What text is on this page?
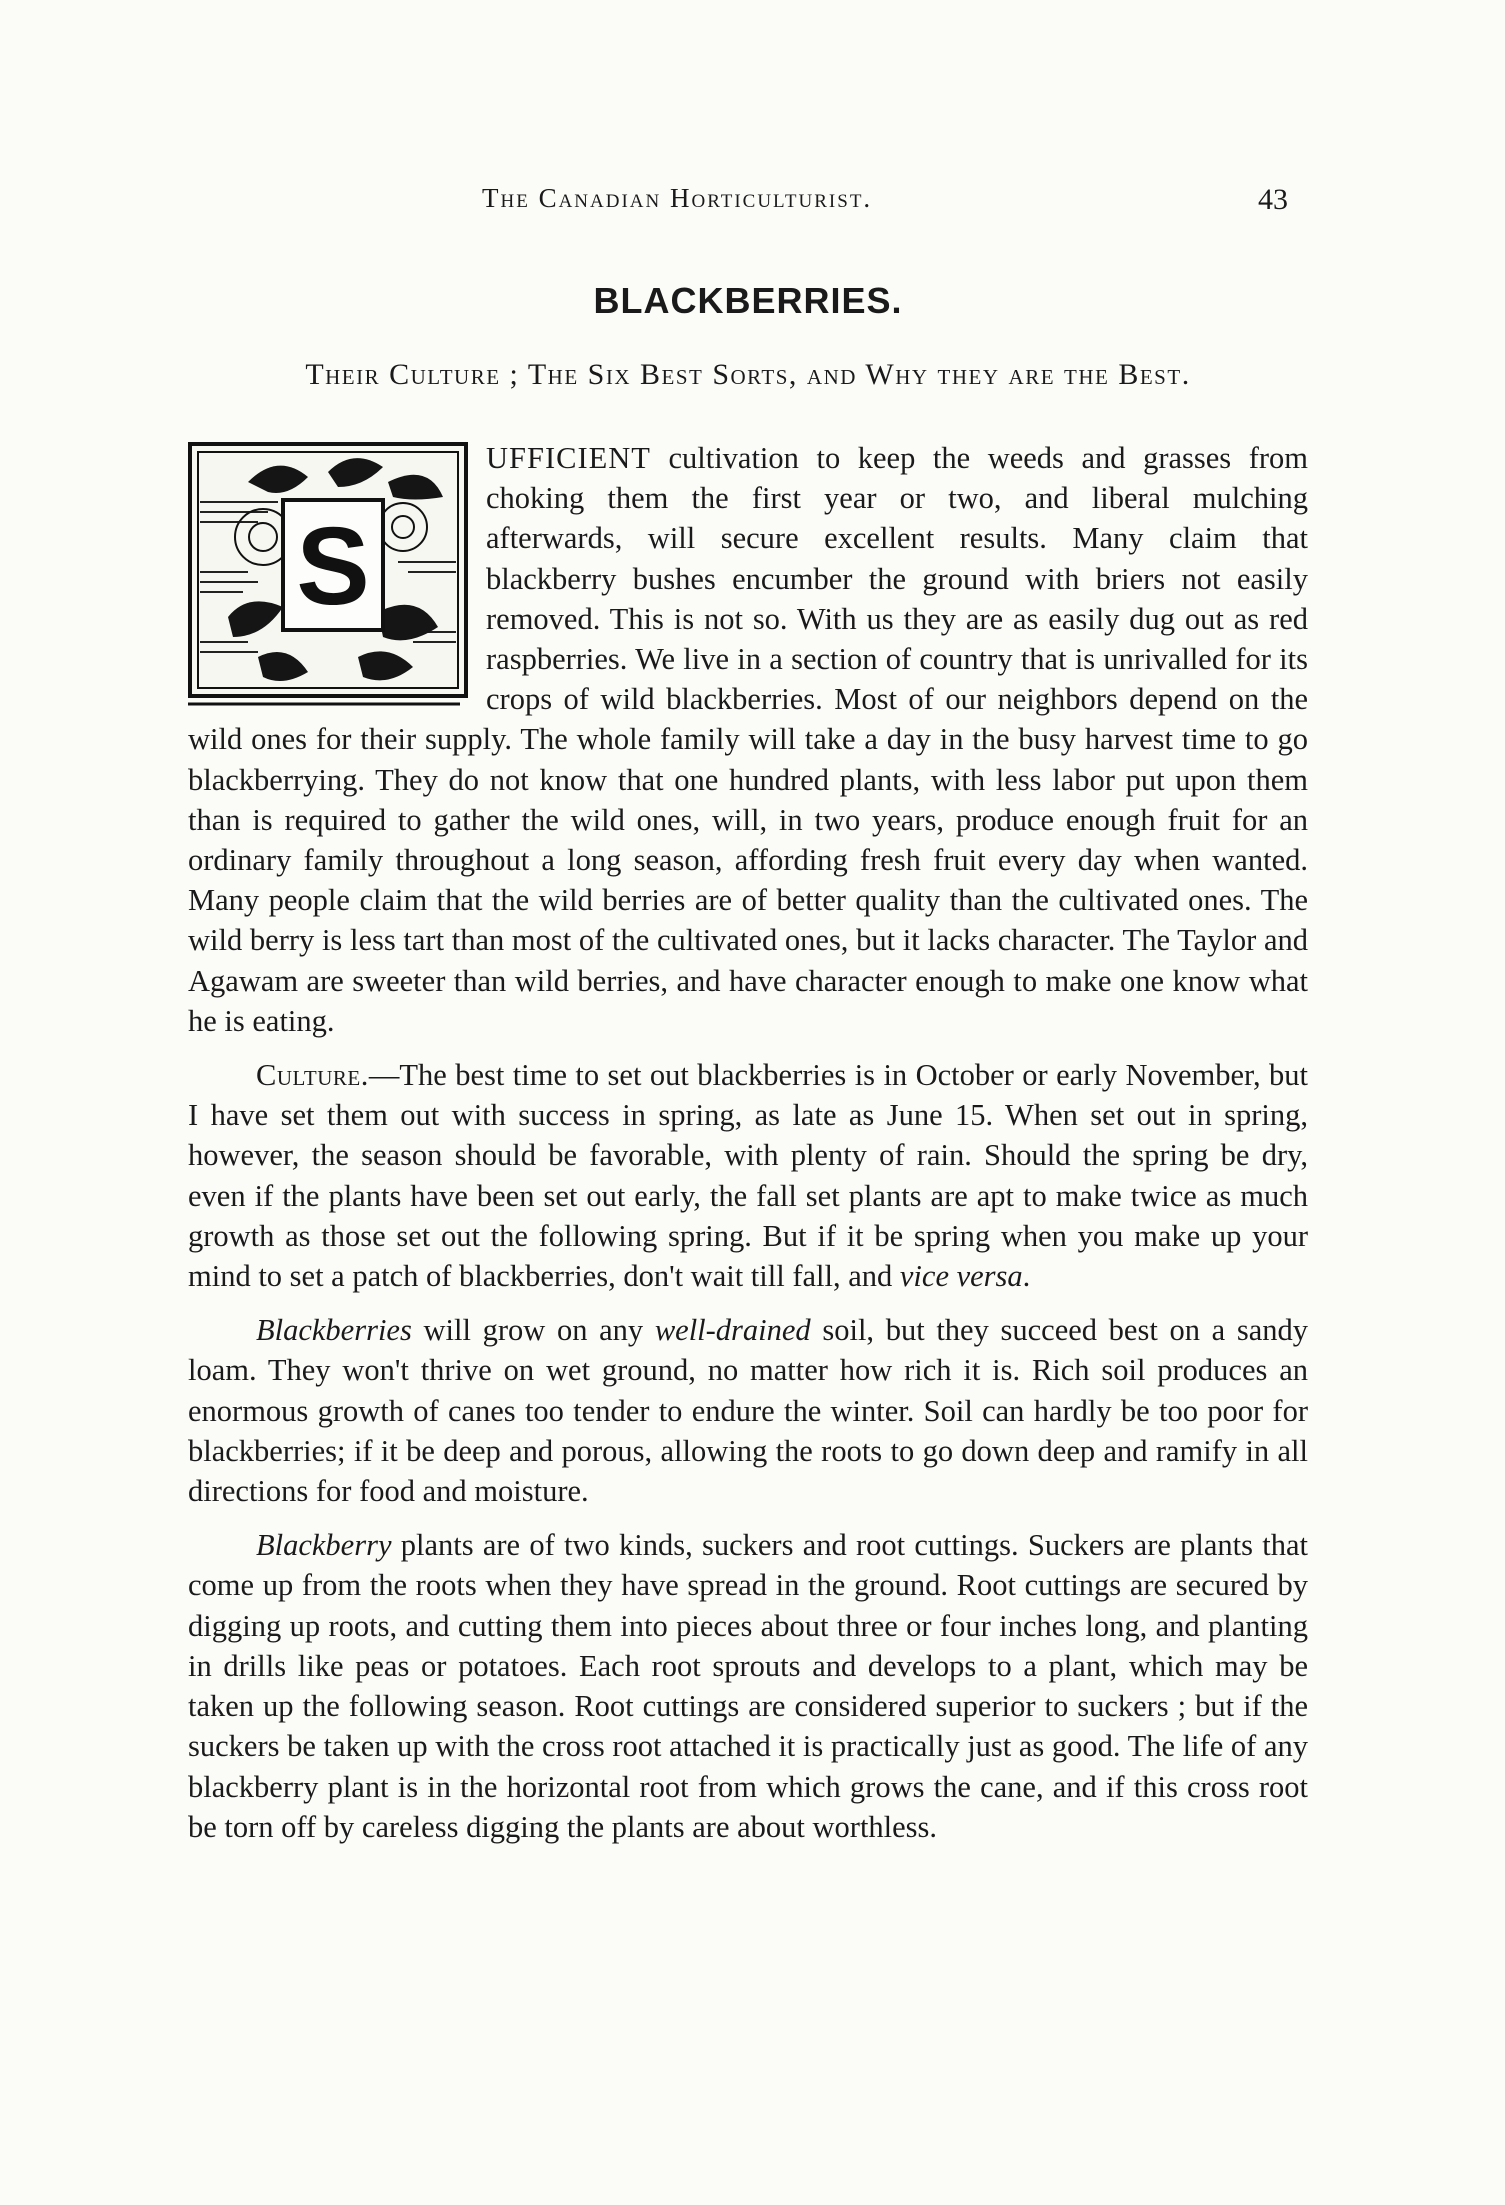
The Canadian Horticulturist.	43
BLACKBERRIES.
Their Culture ; The Six Best Sorts, and Why they are the Best.

S
UFFICIENT cultivation to keep the weeds and grasses from choking them the first year or two, and liberal mulching afterwards, will secure excellent results. Many claim that blackberry bushes encumber the ground with briers not easily removed. This is not so. With us they are as easily dug out as red raspberries. We live in a section of country that is unrivalled for its crops of wild blackberries. Most of our neighbors depend on the wild ones for their supply. The whole family will take a day in the busy harvest time to go blackberrying. They do not know that one hundred plants, with less labor put upon them than is required to gather the wild ones, will, in two years, produce enough fruit for an ordinary family throughout a long season, affording fresh fruit every day when wanted. Many people claim that the wild berries are of better quality than the cultivated ones. The wild berry is less tart than most of the cultivated ones, but it lacks character. The Taylor and Agawam are sweeter than wild berries, and have character enough to make one know what he is eating.

Culture.—The best time to set out blackberries is in October or early November, but I have set them out with success in spring, as late as June 15. When set out in spring, however, the season should be favorable, with plenty of rain. Should the spring be dry, even if the plants have been set out early, the fall set plants are apt to make twice as much growth as those set out the following spring. But if it be spring when you make up your mind to set a patch of blackberries, don't wait till fall, and vice versa.

Blackberries will grow on any well-drained soil, but they succeed best on a sandy loam. They won't thrive on wet ground, no matter how rich it is. Rich soil produces an enormous growth of canes too tender to endure the winter. Soil can hardly be too poor for blackberries; if it be deep and porous, allowing the roots to go down deep and ramify in all directions for food and moisture.

Blackberry plants are of two kinds, suckers and root cuttings. Suckers are plants that come up from the roots when they have spread in the ground. Root cuttings are secured by digging up roots, and cutting them into pieces about three or four inches long, and planting in drills like peas or potatoes. Each root sprouts and develops to a plant, which may be taken up the following season. Root cuttings are considered superior to suckers ; but if the suckers be taken up with the cross root attached it is practically just as good. The life of any blackberry plant is in the horizontal root from which grows the cane, and if this cross root be torn off by careless digging the plants are about worthless.
